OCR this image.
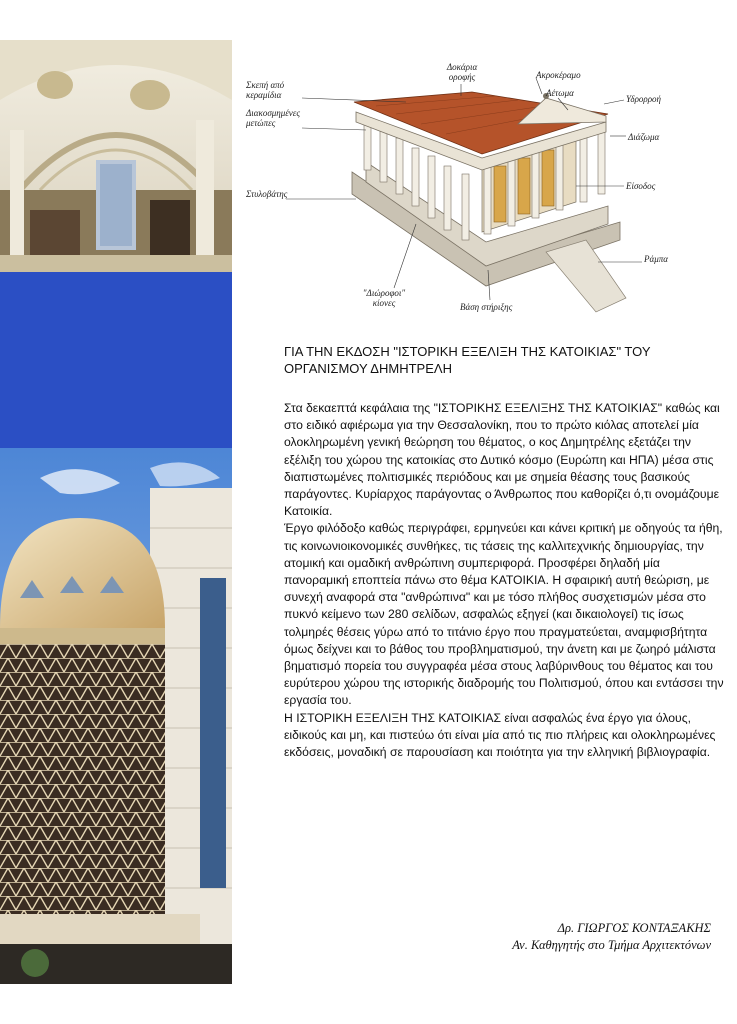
Σκεπή από κεραμίδια
Διακοσμημένες μετώπες
Στυλοβάτης
"Διώροφοι" κίονες	Βάση στήριξης
Δοκάρια οροφής	Ακροκέραμο
Αέτωμα
Υδρορροή
Διάζωμα
Είσοδος
Ράμπα
ΓΙΑ ΤΗΝ ΕΚΔΟΣΗ "ΙΣΤΟΡΙΚΗ ΕΞΕΛΙΞΗ ΤΗΣ ΚΑΤΟΙΚΙΑΣ" ΤΟΥ ΟΡΓΑΝΙΣΜΟΥ ΔΗΜΗΤΡΕΛΗ

Στα δεκαεπτά κεφάλαια της "ΙΣΤΟΡΙΚΗΣ ΕΞΕΛΙΞΗΣ ΤΗΣ ΚΑΤΟΙΚΙΑΣ" καθώς και στο ειδικό αφιέρωμα για την Θεσσαλονίκη, που το πρώτο κιόλας αποτελεί μία ολοκληρωμένη γενική θεώρηση του θέματος, ο κος Δημητρέλης εξετάζει την εξέλιξη του χώρου της κατοικίας στο Δυτικό κόσμο (Ευρώπη και ΗΠΑ) μέσα στις διαπιστωμένες πολιτισμικές περιόδους και με σημεία θέασης τους βασικούς παράγοντες. Κυρίαρχος παράγοντας ο Άνθρωπος που καθορίζει ό,τι ονομάζουμε Κατοικία.

Έργο φιλόδοξο καθώς περιγράφει, ερμηνεύει και κάνει κριτική με οδηγούς τα ήθη, τις κοινωνιοικονομικές συνθήκες, τις τάσεις της καλλιτεχνικής δημιουργίας, την ατομική και ομαδική ανθρώπινη συμπεριφορά. Προσφέρει δηλαδή μία πανοραμική εποπτεία πάνω στο θέμα ΚΑΤΟΙΚΙΑ. Η σφαιρική αυτή θεώριση, με συνεχή αναφορά στα "ανθρώπινα" και με τόσο πλήθος συσχετισμών μέσα στο πυκνό κείμενο των 280 σελίδων, ασφαλώς εξηγεί (και δικαιολογεί) τις ίσως τολμηρές θέσεις γύρω από το τιτάνιο έργο που πραγματεύεται, αναμφισβήτητα όμως δείχνει και το βάθος του προβληματισμού, την άνετη και με ζωηρό μάλιστα βηματισμό πορεία του συγγραφέα μέσα στους λαβύρινθους του θέματος και του ευρύτερου χώρου της ιστορικής διαδρομής του Πολιτισμού, όπου και εντάσσει την εργασία του.

Η ΙΣΤΟΡΙΚΗ ΕΞΕΛΙΞΗ ΤΗΣ ΚΑΤΟΙΚΙΑΣ είναι ασφαλώς ένα έργο για όλους, ειδικούς και μη, και πιστεύω ότι είναι μία από τις πιο πλήρεις και ολοκληρωμένες εκδόσεις, μοναδική σε παρουσίαση και ποιότητα για την ελληνική βιβλιογραφία.

Δρ. ΓΙΩΡΓΟΣ ΚΟΝΤΑΞΑΚΗΣ
Αν. Καθηγητής στο Τμήμα Αρχιτεκτόνων
